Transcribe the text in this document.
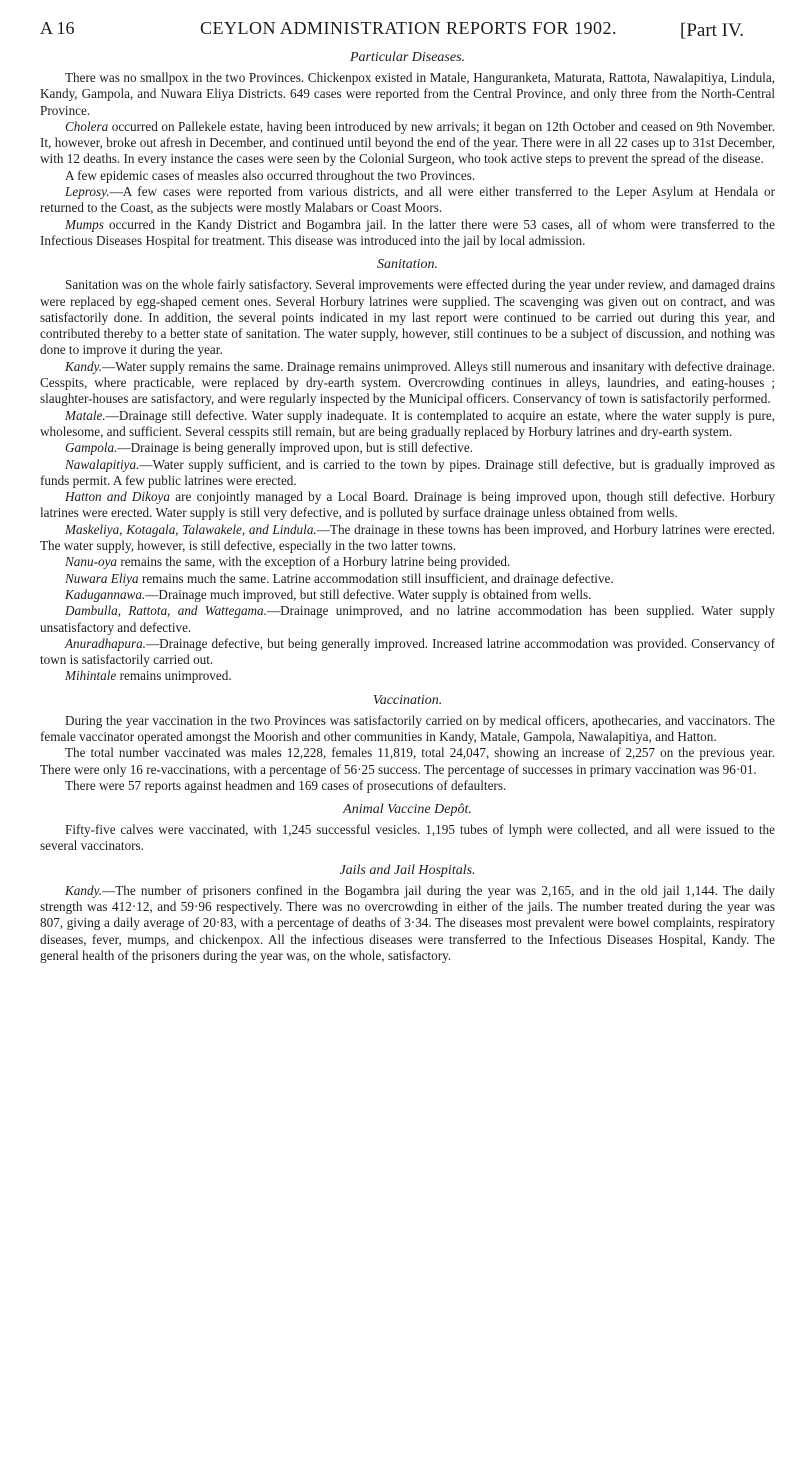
A 16	CEYLON ADMINISTRATION REPORTS FOR 1902.	[Part IV.
Particular Diseases.

There was no smallpox in the two Provinces. Chickenpox existed in Matale, Hanguranketa, Maturata, Rattota, Nawalapitiya, Lindula, Kandy, Gampola, and Nuwara Eliya Districts. 649 cases were reported from the Central Province, and only three from the North-Central Province.

Cholera occurred on Pallekele estate, having been introduced by new arrivals; it began on 12th October and ceased on 9th November. It, however, broke out afresh in December, and continued until beyond the end of the year. There were in all 22 cases up to 31st December, with 12 deaths. In every instance the cases were seen by the Colonial Surgeon, who took active steps to prevent the spread of the disease.

A few epidemic cases of measles also occurred throughout the two Provinces.

Leprosy.—A few cases were reported from various districts, and all were either transferred to the Leper Asylum at Hendala or returned to the Coast, as the subjects were mostly Malabars or Coast Moors.

Mumps occurred in the Kandy District and Bogambra jail. In the latter there were 53 cases, all of whom were transferred to the Infectious Diseases Hospital for treatment. This disease was introduced into the jail by local admission.

Sanitation.

Sanitation was on the whole fairly satisfactory. Several improvements were effected during the year under review, and damaged drains were replaced by egg-shaped cement ones. Several Horbury latrines were supplied. The scavenging was given out on contract, and was satisfactorily done. In addition, the several points indicated in my last report were continued to be carried out during this year, and contributed thereby to a better state of sanitation. The water supply, however, still continues to be a subject of discussion, and nothing was done to improve it during the year.

Kandy.—Water supply remains the same. Drainage remains unimproved. Alleys still numerous and insanitary with defective drainage. Cesspits, where practicable, were replaced by dry-earth system. Overcrowding continues in alleys, laundries, and eating-houses ; slaughter-houses are satisfactory, and were regularly inspected by the Municipal officers. Conservancy of town is satisfactorily performed.

Matale.—Drainage still defective. Water supply inadequate. It is contemplated to acquire an estate, where the water supply is pure, wholesome, and sufficient. Several cesspits still remain, but are being gradually replaced by Horbury latrines and dry-earth system.

Gampola.—Drainage is being generally improved upon, but is still defective.

Nawalapitiya.—Water supply sufficient, and is carried to the town by pipes. Drainage still defective, but is gradually improved as funds permit. A few public latrines were erected.

Hatton and Dikoya are conjointly managed by a Local Board. Drainage is being improved upon, though still defective. Horbury latrines were erected. Water supply is still very defective, and is polluted by surface drainage unless obtained from wells.

Maskeliya, Kotagala, Talawakele, and Lindula.—The drainage in these towns has been improved, and Horbury latrines were erected. The water supply, however, is still defective, especially in the two latter towns.

Nanu-oya remains the same, with the exception of a Horbury latrine being provided.

Nuwara Eliya remains much the same. Latrine accommodation still insufficient, and drainage defective.

Kadugannawa.—Drainage much improved, but still defective. Water supply is obtained from wells.

Dambulla, Rattota, and Wattegama.—Drainage unimproved, and no latrine accommodation has been supplied. Water supply unsatisfactory and defective.

Anuradhapura.—Drainage defective, but being generally improved. Increased latrine accommodation was provided. Conservancy of town is satisfactorily carried out.

Mihintale remains unimproved.

Vaccination.

During the year vaccination in the two Provinces was satisfactorily carried on by medical officers, apothecaries, and vaccinators. The female vaccinator operated amongst the Moorish and other communities in Kandy, Matale, Gampola, Nawalapitiya, and Hatton.

The total number vaccinated was males 12,228, females 11,819, total 24,047, showing an increase of 2,257 on the previous year. There were only 16 re-vaccinations, with a percentage of 56·25 success. The percentage of successes in primary vaccination was 96·01.

There were 57 reports against headmen and 169 cases of prosecutions of defaulters.

Animal Vaccine Depôt.

Fifty-five calves were vaccinated, with 1,245 successful vesicles. 1,195 tubes of lymph were collected, and all were issued to the several vaccinators.

Jails and Jail Hospitals.

Kandy.—The number of prisoners confined in the Bogambra jail during the year was 2,165, and in the old jail 1,144. The daily strength was 412·12, and 59·96 respectively. There was no overcrowding in either of the jails. The number treated during the year was 807, giving a daily average of 20·83, with a percentage of deaths of 3·34. The diseases most prevalent were bowel complaints, respiratory diseases, fever, mumps, and chickenpox. All the infectious diseases were transferred to the Infectious Diseases Hospital, Kandy. The general health of the prisoners during the year was, on the whole, satisfactory.
